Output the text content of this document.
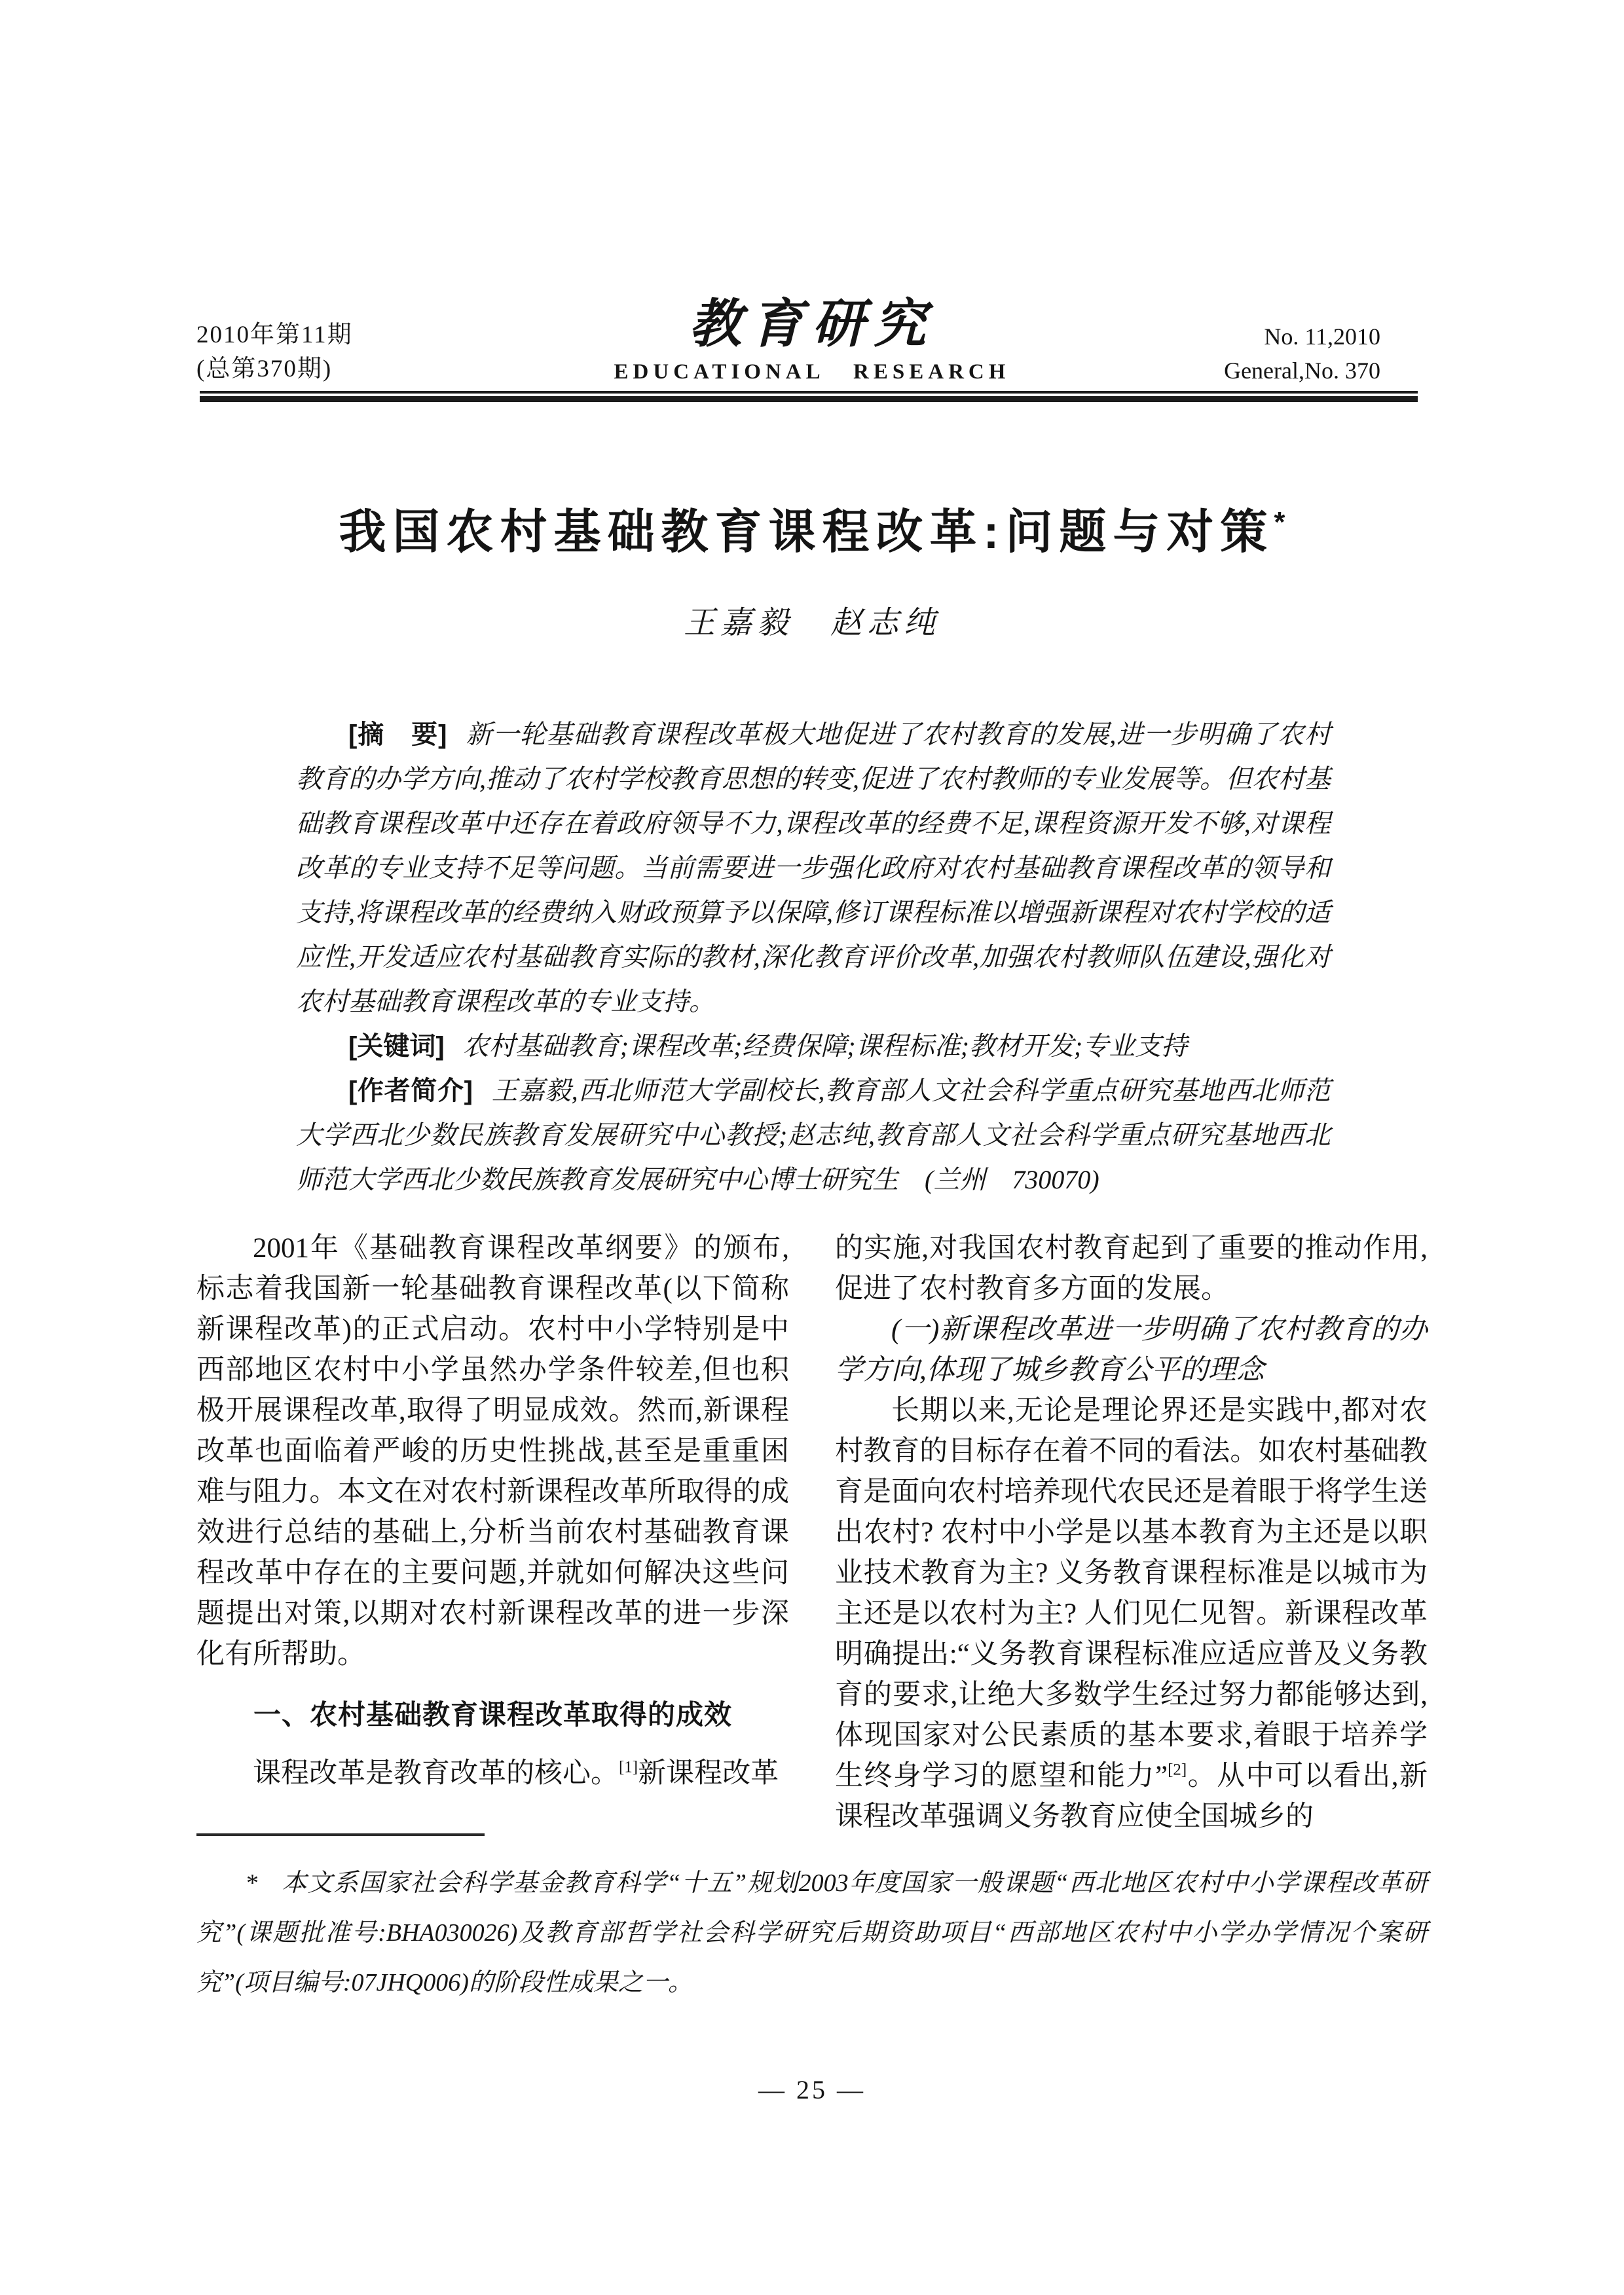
2010年第11期
(总第370期)
教育研究
EDUCATIONAL RESEARCH
No. 11,2010
General,No. 370
我国农村基础教育课程改革:问题与对策*
王嘉毅　赵志纯

[摘　要] 新一轮基础教育课程改革极大地促进了农村教育的发展,进一步明确了农村教育的办学方向,推动了农村学校教育思想的转变,促进了农村教师的专业发展等。但农村基础教育课程改革中还存在着政府领导不力,课程改革的经费不足,课程资源开发不够,对课程改革的专业支持不足等问题。当前需要进一步强化政府对农村基础教育课程改革的领导和支持,将课程改革的经费纳入财政预算予以保障,修订课程标准以增强新课程对农村学校的适应性,开发适应农村基础教育实际的教材,深化教育评价改革,加强农村教师队伍建设,强化对农村基础教育课程改革的专业支持。

[关键词] 农村基础教育;课程改革;经费保障;课程标准;教材开发;专业支持

[作者简介] 王嘉毅,西北师范大学副校长,教育部人文社会科学重点研究基地西北师范大学西北少数民族教育发展研究中心教授;赵志纯,教育部人文社会科学重点研究基地西北师范大学西北少数民族教育发展研究中心博士研究生　(兰州　730070)

2001年《基础教育课程改革纲要》的颁布,标志着我国新一轮基础教育课程改革(以下简称新课程改革)的正式启动。农村中小学特别是中西部地区农村中小学虽然办学条件较差,但也积极开展课程改革,取得了明显成效。然而,新课程改革也面临着严峻的历史性挑战,甚至是重重困难与阻力。本文在对农村新课程改革所取得的成效进行总结的基础上,分析当前农村基础教育课程改革中存在的主要问题,并就如何解决这些问题提出对策,以期对农村新课程改革的进一步深化有所帮助。

一、农村基础教育课程改革取得的成效

课程改革是教育改革的核心。[1]新课程改革

的实施,对我国农村教育起到了重要的推动作用,促进了农村教育多方面的发展。

(一)新课程改革进一步明确了农村教育的办学方向,体现了城乡教育公平的理念

长期以来,无论是理论界还是实践中,都对农村教育的目标存在着不同的看法。如农村基础教育是面向农村培养现代农民还是着眼于将学生送出农村? 农村中小学是以基本教育为主还是以职业技术教育为主? 义务教育课程标准是以城市为主还是以农村为主? 人们见仁见智。新课程改革明确提出:“义务教育课程标准应适应普及义务教育的要求,让绝大多数学生经过努力都能够达到,体现国家对公民素质的基本要求,着眼于培养学生终身学习的愿望和能力”[2]。从中可以看出,新课程改革强调义务教育应使全国城乡的

* 本文系国家社会科学基金教育科学“十五”规划2003年度国家一般课题“西北地区农村中小学课程改革研究”(课题批准号:BHA030026)及教育部哲学社会科学研究后期资助项目“西部地区农村中小学办学情况个案研究”(项目编号:07JHQ006)的阶段性成果之一。

— 25 —
